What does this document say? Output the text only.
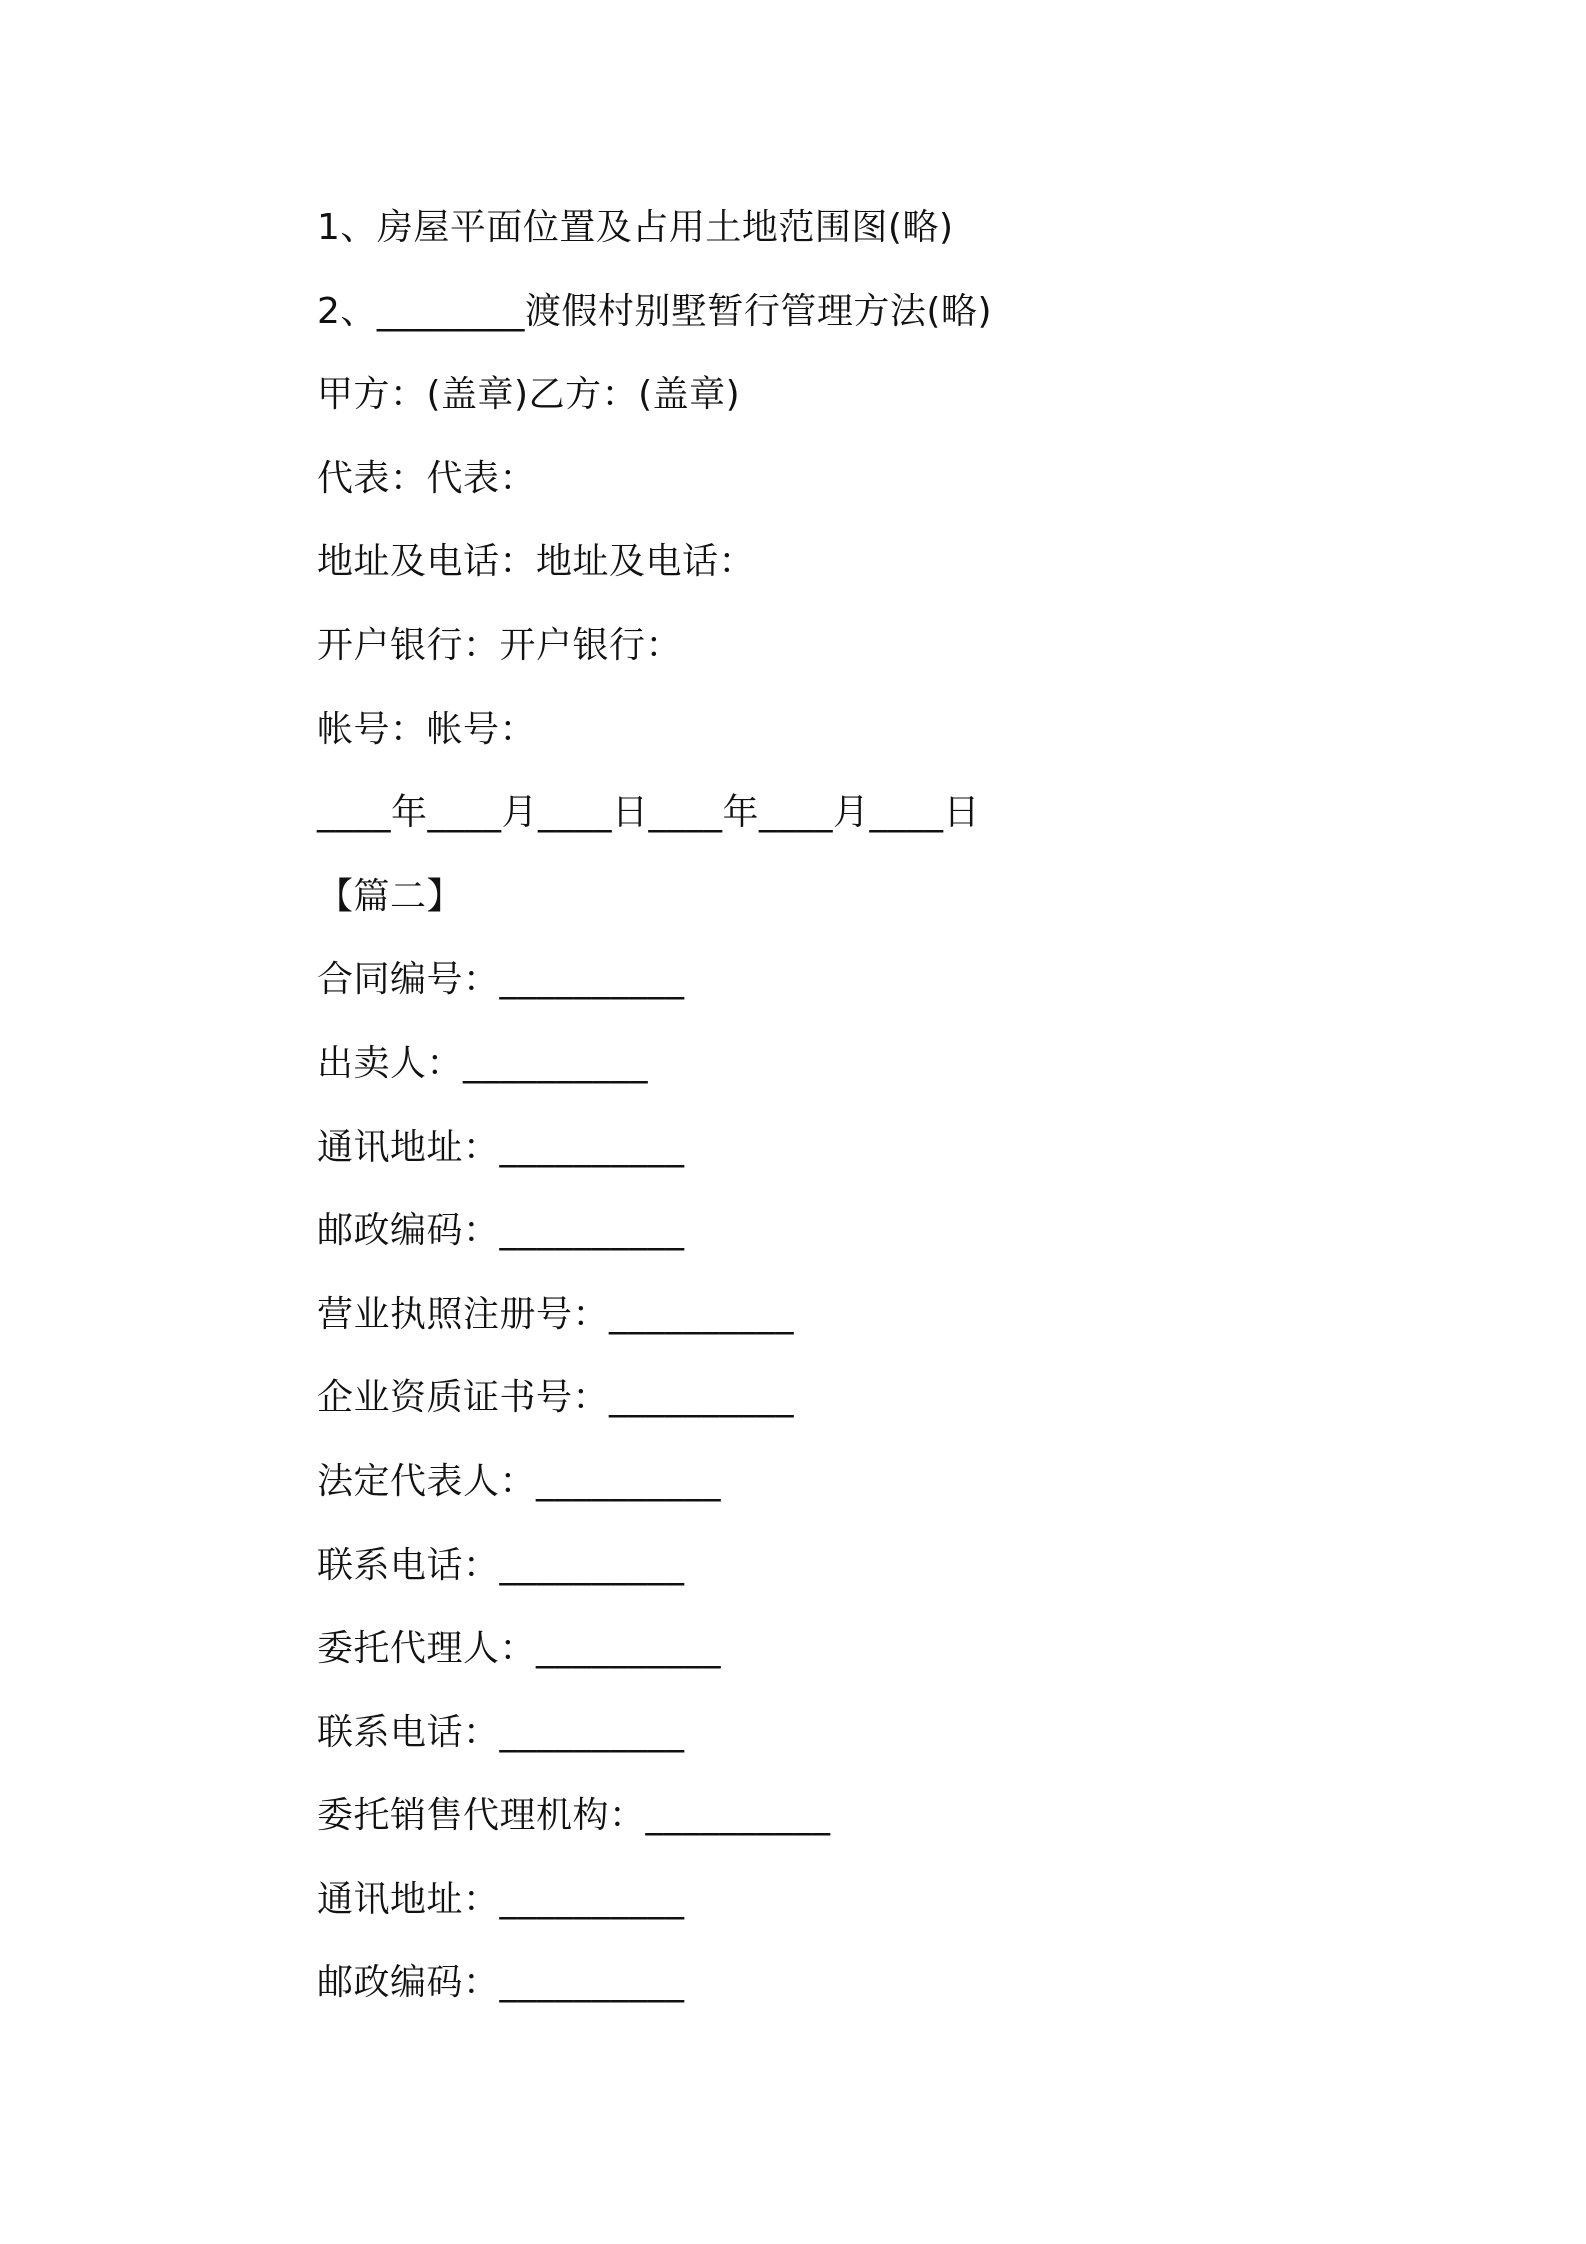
1、房屋平面位置及占用土地范围图(略)
2、________渡假村别墅暂行管理方法(略)
甲方：(盖章)乙方：(盖章)
代表：代表：
地址及电话：地址及电话：
开户银行：开户银行：
帐号：帐号：
____年____月____日____年____月____日
【篇二】
合同编号：__________
出卖人：__________
通讯地址：__________
邮政编码：__________
营业执照注册号：__________
企业资质证书号：__________
法定代表人：__________
联系电话：__________
委托代理人：__________
联系电话：__________
委托销售代理机构：__________
通讯地址：__________
邮政编码：__________
